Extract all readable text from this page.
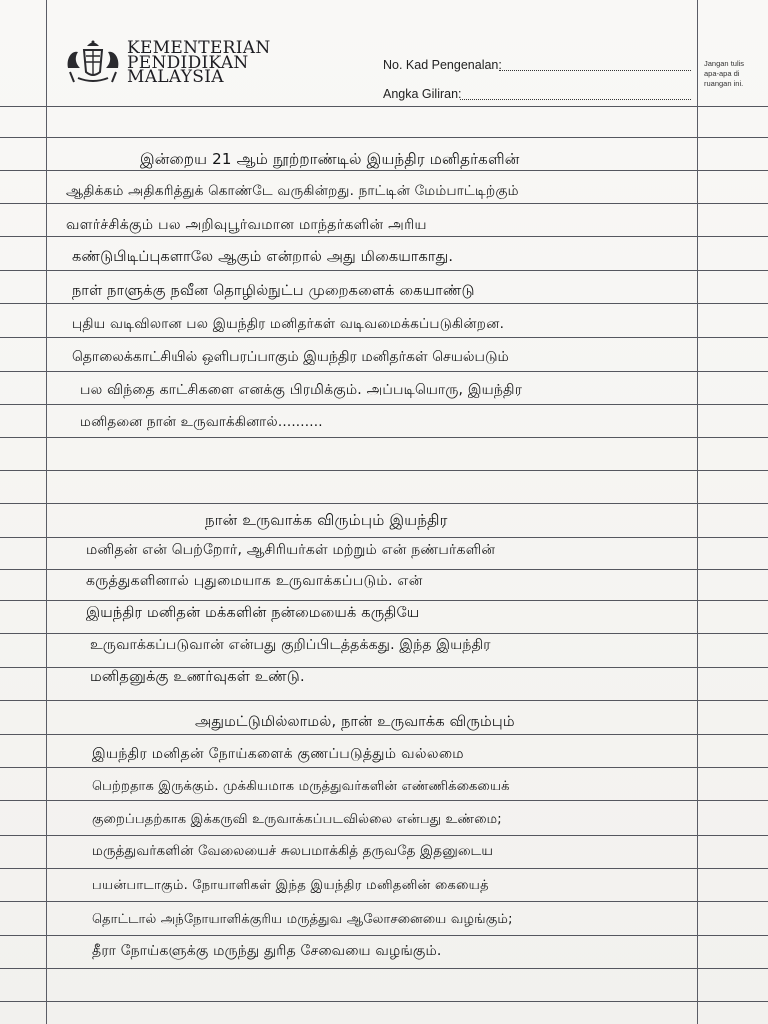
KEMENTERIAN
PENDIDIKAN
MALAYSIA
No. Kad Pengenalan:
Angka Giliran:
Jangan tulis
apa-apa di
ruangan ini.
இன்றைய 21 ஆம் நூற்றாண்டில் இயந்திர மனிதர்களின்
ஆதிக்கம் அதிகரித்துக் கொண்டே வருகின்றது. நாட்டின் மேம்பாட்டிற்கும்
வளர்ச்சிக்கும் பல அறிவுபூர்வமான மாந்தர்களின் அரிய
கண்டுபிடிப்புகளாலே ஆகும் என்றால் அது மிகையாகாது.
நாள் நாளுக்கு நவீன தொழில்நுட்ப முறைகளைக் கையாண்டு
புதிய வடிவிலான பல இயந்திர மனிதர்கள் வடிவமைக்கப்படுகின்றன.
தொலைக்காட்சியில் ஒளிபரப்பாகும் இயந்திர மனிதர்கள் செயல்படும்
பல விந்தை காட்சிகளை எனக்கு பிரமிக்கும். அப்படியொரு, இயந்திர
மனிதனை நான் உருவாக்கினால்..........
நான் உருவாக்க விரும்பும் இயந்திர
மனிதன் என் பெற்றோர், ஆசிரியர்கள் மற்றும் என் நண்பர்களின்
கருத்துகளினால் புதுமையாக உருவாக்கப்படும். என்
இயந்திர மனிதன் மக்களின் நன்மையைக் கருதியே
உருவாக்கப்படுவான் என்பது குறிப்பிடத்தக்கது. இந்த இயந்திர
மனிதனுக்கு உணர்வுகள் உண்டு.
அதுமட்டுமில்லாமல், நான் உருவாக்க விரும்பும்
இயந்திர மனிதன் நோய்களைக் குணப்படுத்தும் வல்லமை
பெற்றதாக இருக்கும். முக்கியமாக மருத்துவர்களின் எண்ணிக்கையைக்
குறைப்பதற்காக இக்கருவி உருவாக்கப்படவில்லை என்பது உண்மை;
மருத்துவர்களின் வேலையைச் சுலபமாக்கித் தருவதே இதனுடைய
பயன்பாடாகும். நோயாளிகள் இந்த இயந்திர மனிதனின் கையைத்
தொட்டால் அந்நோயாளிக்குரிய மருத்துவ ஆலோசனையை வழங்கும்;
தீரா நோய்களுக்கு மருந்து துரித சேவையை வழங்கும்.
